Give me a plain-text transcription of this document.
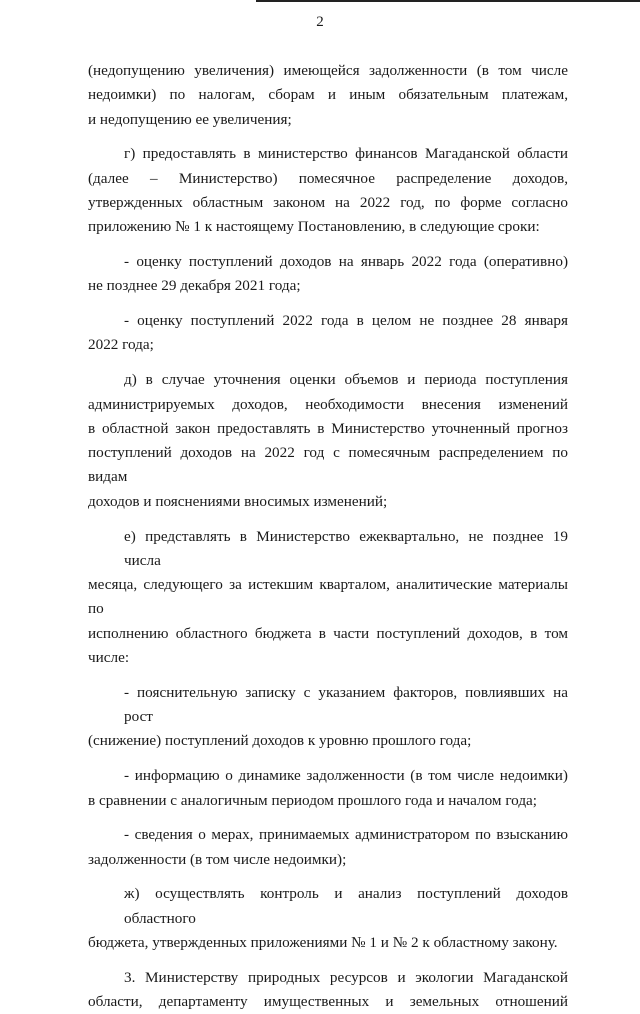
2
(недопущению увеличения) имеющейся задолженности (в том числе
недоимки) по налогам, сборам и иным обязательным платежам,
и недопущению ее увеличения;
г) предоставлять в министерство финансов Магаданской области
(далее – Министерство) помесячное распределение доходов,
утвержденных областным законом на 2022 год, по форме согласно
приложению № 1 к настоящему Постановлению, в следующие сроки:
- оценку поступлений доходов на январь 2022 года (оперативно)
не позднее 29 декабря 2021 года;
- оценку поступлений 2022 года в целом не позднее 28 января
2022 года;
д) в случае уточнения оценки объемов и периода поступления
администрируемых доходов, необходимости внесения изменений
в областной закон предоставлять в Министерство уточненный прогноз
поступлений доходов на 2022 год с помесячным распределением по видам
доходов и пояснениями вносимых изменений;
е) представлять в Министерство ежеквартально, не позднее 19 числа
месяца, следующего за истекшим кварталом, аналитические материалы по
исполнению областного бюджета в части поступлений доходов, в том
числе:
- пояснительную записку с указанием факторов, повлиявших на рост
(снижение) поступлений доходов к уровню прошлого года;
- информацию о динамике задолженности (в том числе недоимки)
в сравнении с аналогичным периодом прошлого года и началом года;
- сведения о мерах, принимаемых администратором по взысканию
задолженности (в том числе недоимки);
ж) осуществлять контроль и анализ поступлений доходов областного
бюджета, утвержденных приложениями № 1 и № 2 к областному закону.
3. Министерству природных ресурсов и экологии Магаданской
области, департаменту имущественных и земельных отношений
